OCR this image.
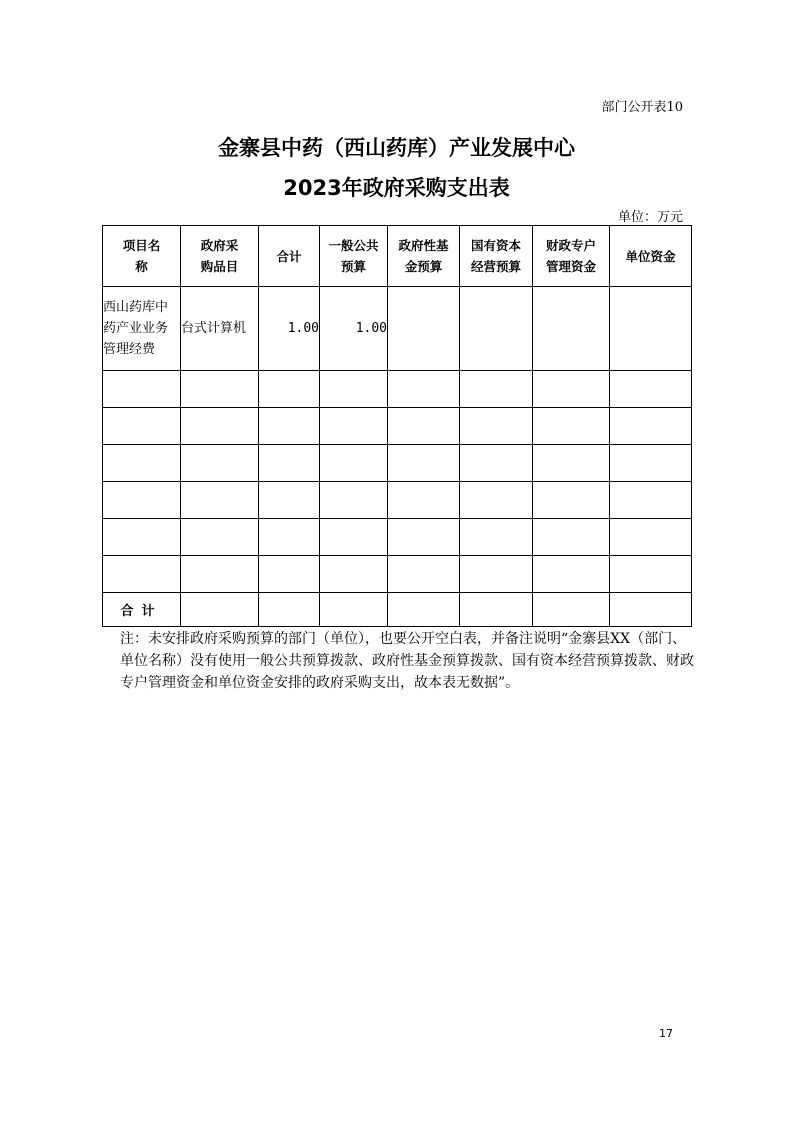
部门公开表10
金寨县中药（西山药库）产业发展中心
2023年政府采购支出表
单位：万元
项目名称	政府采购品目	合计	一般公共预算	政府性基金预算	国有资本经营预算	财政专户管理资金	单位资金
西山药库中药产业业务管理经费	台式计算机	1.00	1.00				

合计							
注：未安排政府采购预算的部门（单位），也要公开空白表，并备注说明“金寨县XX（部门、单位名称）没有使用一般公共预算拨款、政府性基金预算拨款、国有资本经营预算拨款、财政专户管理资金和单位资金安排的政府采购支出，故本表无数据”。
17
